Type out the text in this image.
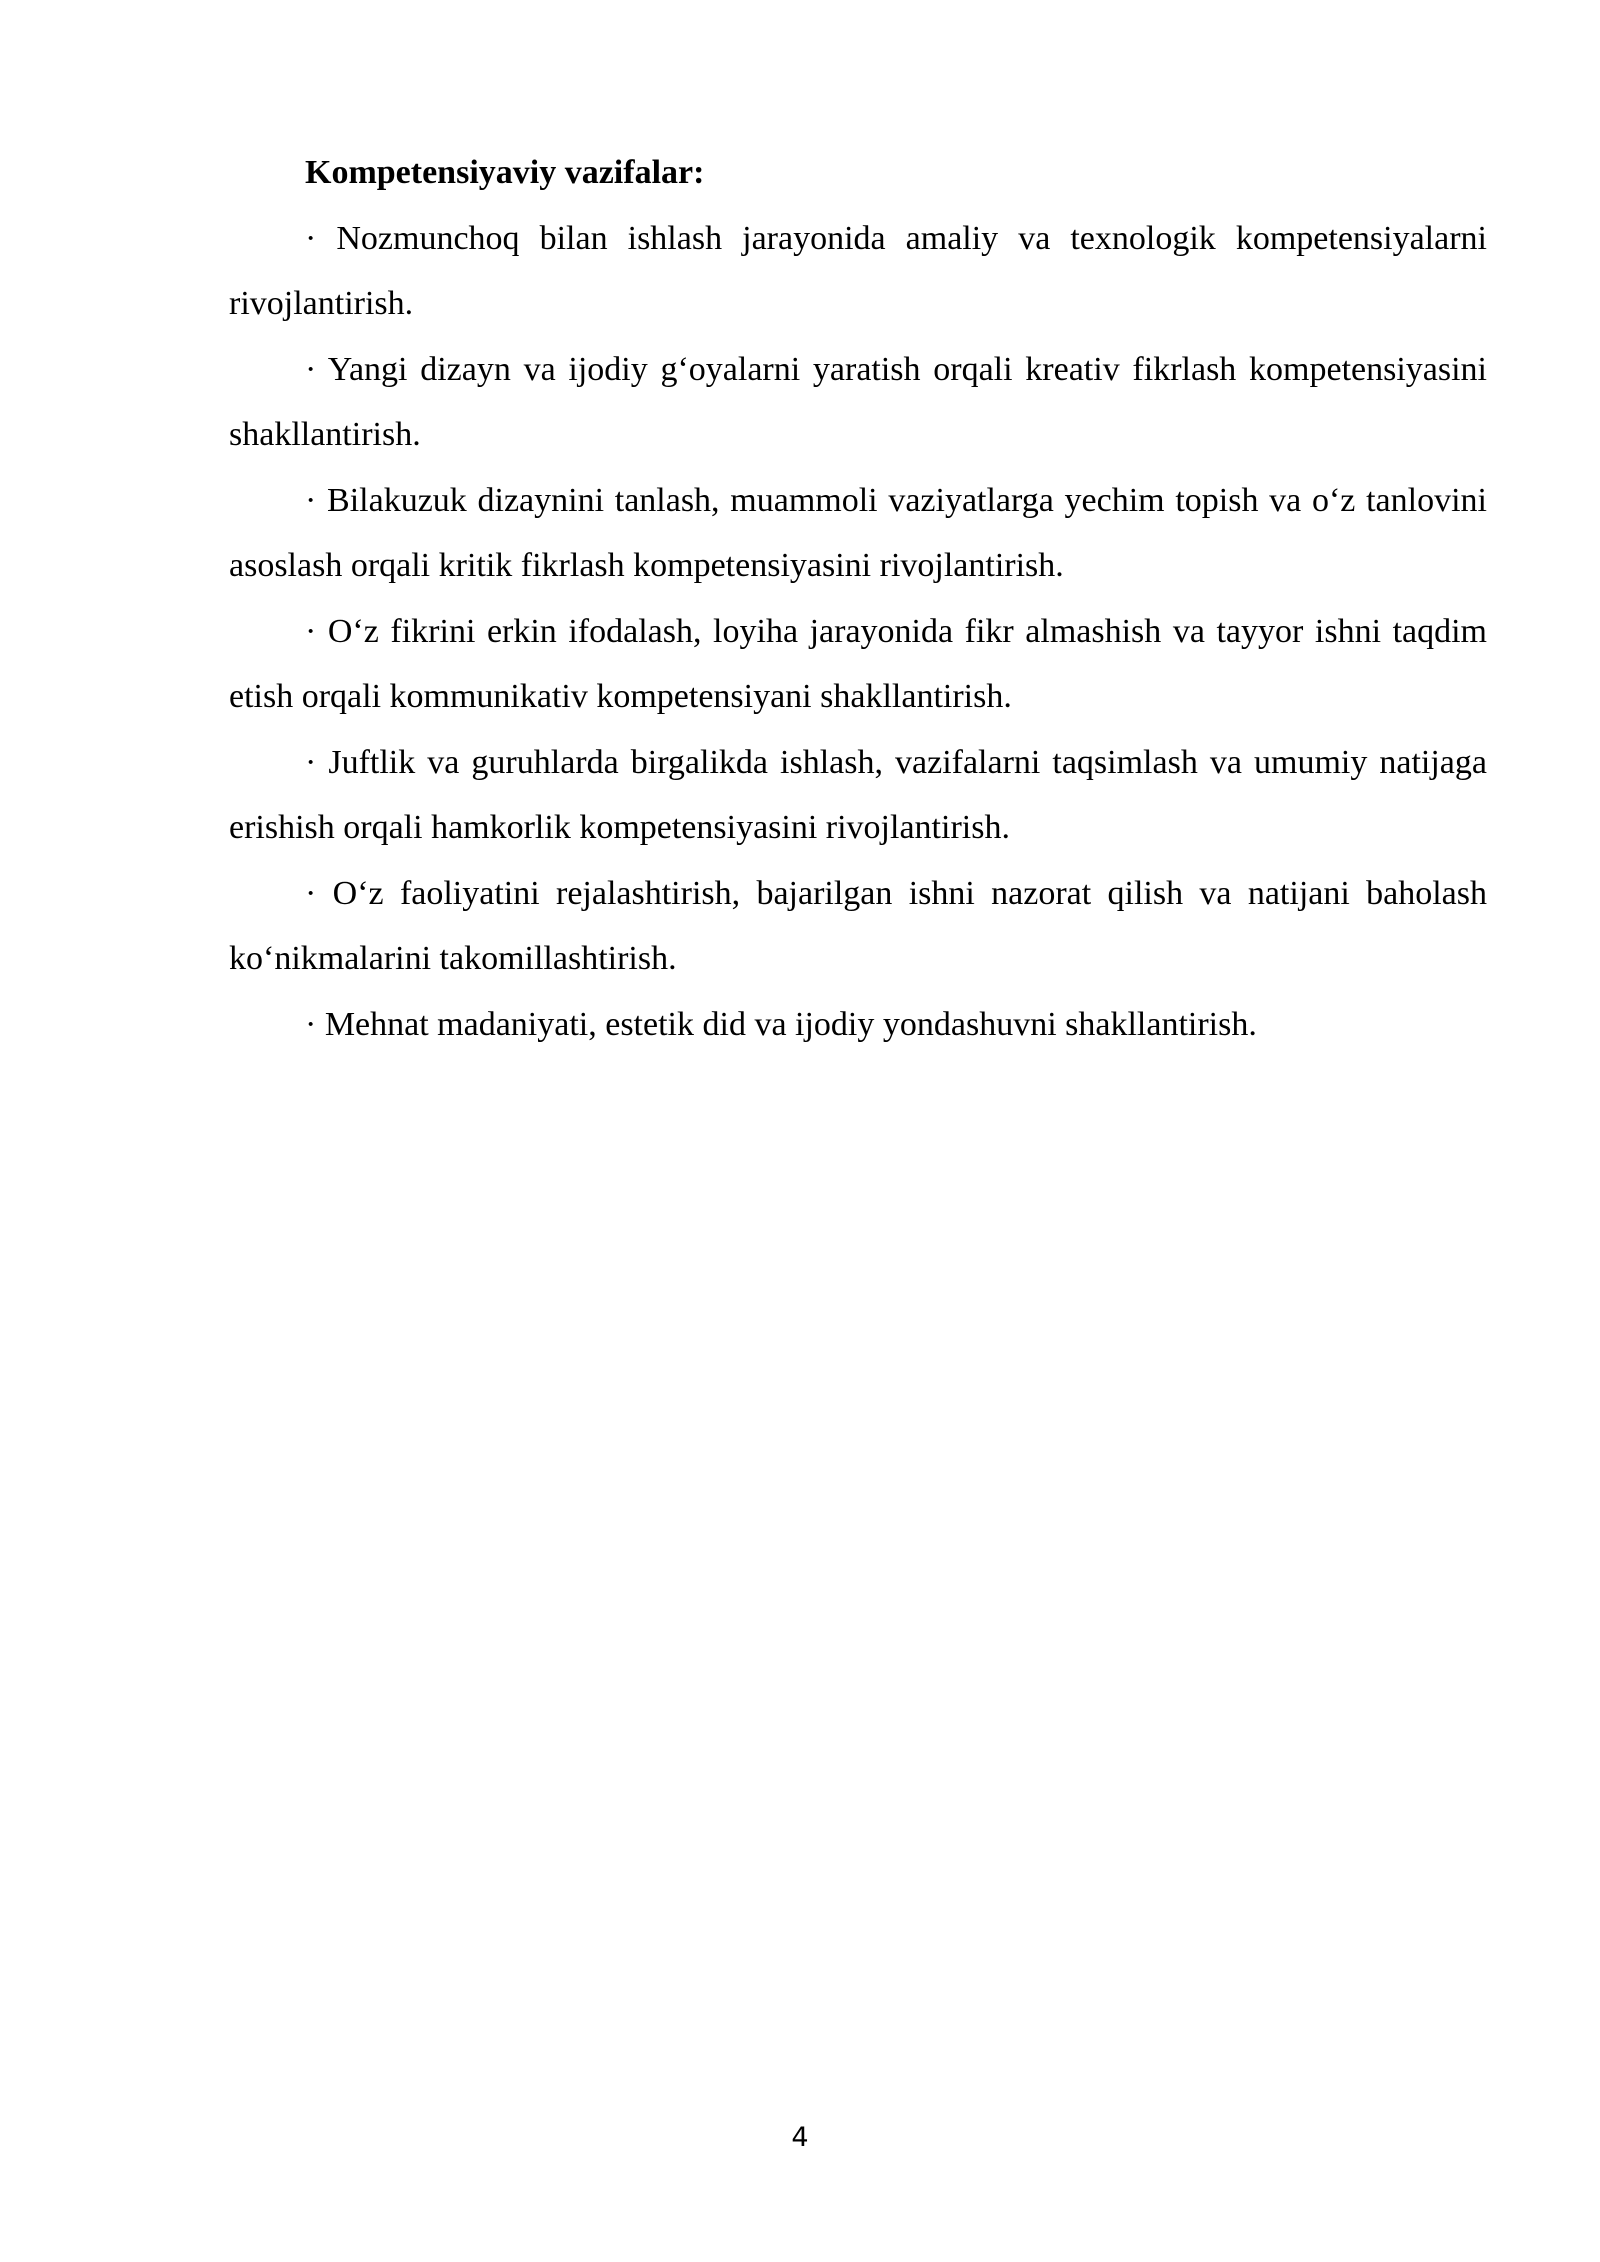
Kompetensiyaviy vazifalar:

· Nozmunchoq bilan ishlash jarayonida amaliy va texnologik kompetensiyalarni rivojlantirish.

· Yangi dizayn va ijodiy g‘oyalarni yaratish orqali kreativ fikrlash kompetensiyasini shakllantirish.

· Bilakuzuk dizaynini tanlash, muammoli vaziyatlarga yechim topish va o‘z tanlovini asoslash orqali kritik fikrlash kompetensiyasini rivojlantirish.

· O‘z fikrini erkin ifodalash, loyiha jarayonida fikr almashish va tayyor ishni taqdim etish orqali kommunikativ kompetensiyani shakllantirish.

· Juftlik va guruhlarda birgalikda ishlash, vazifalarni taqsimlash va umumiy natijaga erishish orqali hamkorlik kompetensiyasini rivojlantirish.

· O‘z faoliyatini rejalashtirish, bajarilgan ishni nazorat qilish va natijani baholash ko‘nikmalarini takomillashtirish.

· Mehnat madaniyati, estetik did va ijodiy yondashuvni shakllantirish.

4
